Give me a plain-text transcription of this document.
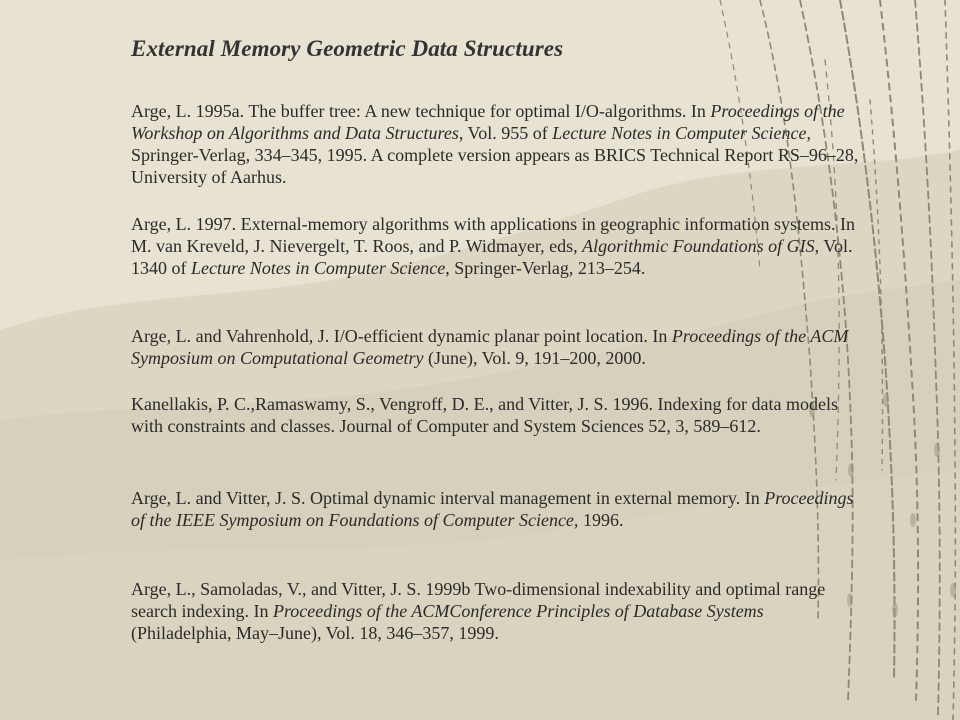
External Memory Geometric Data Structures
Arge, L. 1995a. The buffer tree: A new technique for optimal I/O-algorithms. In Proceedings of the Workshop on Algorithms and Data Structures, Vol. 955 of Lecture Notes in Computer Science, Springer-Verlag, 334–345, 1995. A complete version appears as BRICS Technical Report RS–96–28, University of Aarhus.
Arge, L. 1997. External-memory algorithms with applications in geographic information systems. In M. van Kreveld, J. Nievergelt, T. Roos, and P. Widmayer, eds, Algorithmic Foundations of GIS, Vol. 1340 of Lecture Notes in Computer Science, Springer-Verlag, 213–254.
Arge, L. and Vahrenhold, J. I/O-efficient dynamic planar point location. In Proceedings of the ACM Symposium on Computational Geometry (June), Vol. 9, 191–200, 2000.
Kanellakis, P. C.,Ramaswamy, S., Vengroff, D. E., and Vitter, J. S. 1996. Indexing for data models with constraints and classes. Journal of Computer and System Sciences 52, 3, 589–612.
Arge, L. and Vitter, J. S. Optimal dynamic interval management in external memory. In Proceedings of the IEEE Symposium on Foundations of Computer Science, 1996.
Arge, L., Samoladas, V., and Vitter, J. S. 1999b Two-dimensional indexability and optimal range search indexing. In Proceedings of the ACMConference Principles of Database Systems (Philadelphia, May–June), Vol. 18, 346–357, 1999.
